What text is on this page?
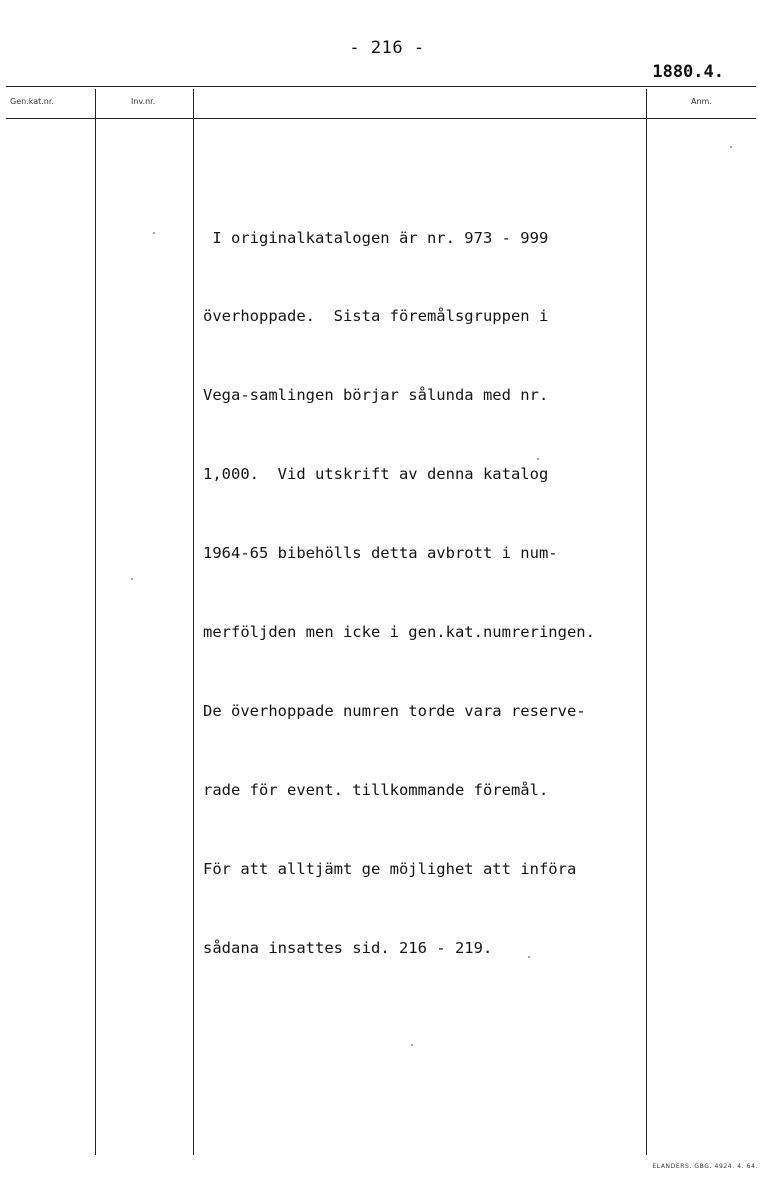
- 216 -
1880.4.
Gen.kat.nr.	Inv.nr.	Anm.

I originalkatalogen är nr. 973 - 999

överhoppade.  Sista föremålsgruppen i

Vega-samlingen börjar sålunda med nr.

1,000.  Vid utskrift av denna katalog

1964-65 bibehölls detta avbrott i num-

merföljden men icke i gen.kat.numreringen.

De överhoppade numren torde vara reserve-

rade för event. tillkommande föremål.

För att alltjämt ge möjlighet att införa

sådana insattes sid. 216 - 219.

ELANDERS. GBG. 4924. 4. 64.
